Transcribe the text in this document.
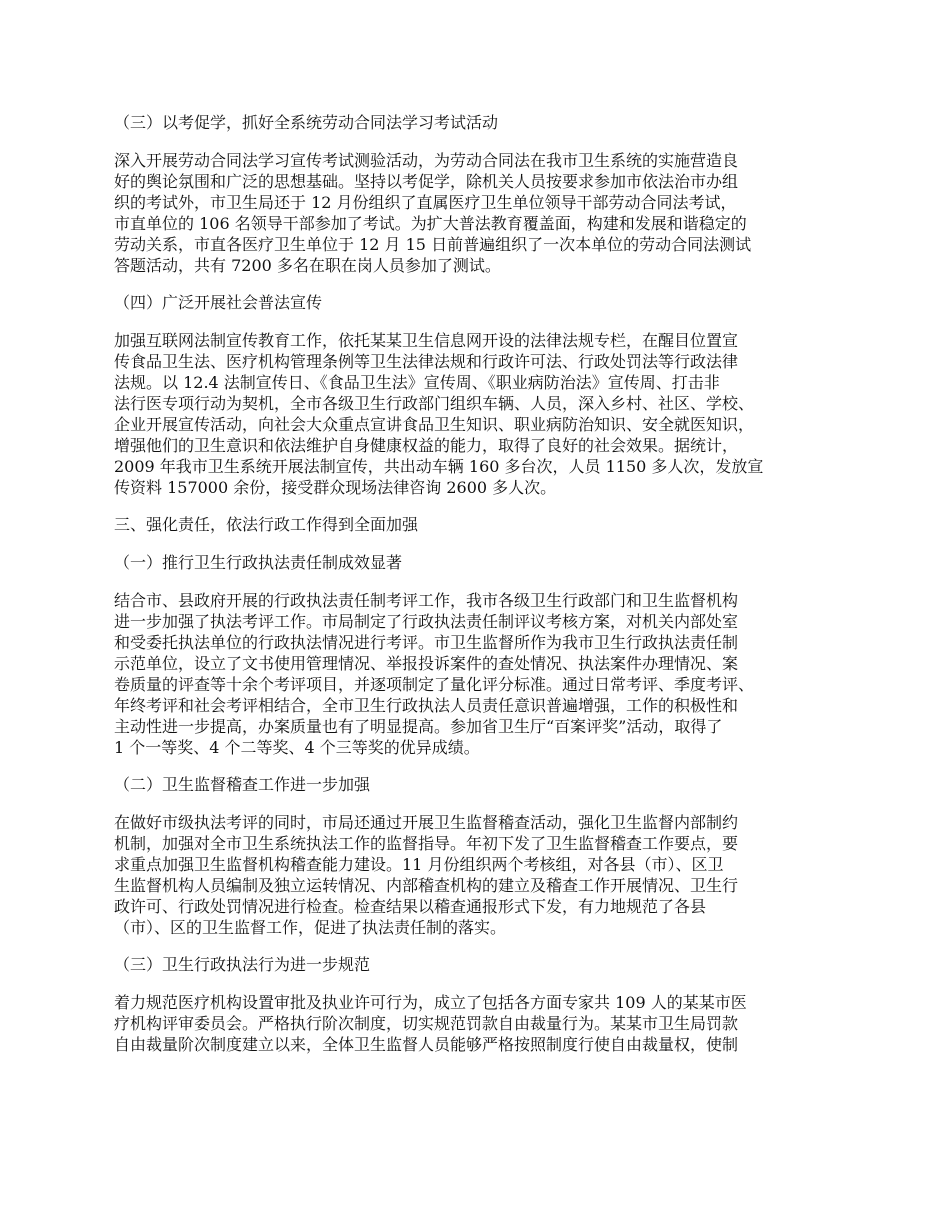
（三）以考促学，抓好全系统劳动合同法学习考试活动
深入开展劳动合同法学习宣传考试测验活动，为劳动合同法在我市卫生系统的实施营造良
好的舆论氛围和广泛的思想基础。坚持以考促学，除机关人员按要求参加市依法治市办组
织的考试外，市卫生局还于 12 月份组织了直属医疗卫生单位领导干部劳动合同法考试，
市直单位的 106 名领导干部参加了考试。为扩大普法教育覆盖面，构建和发展和谐稳定的
劳动关系，市直各医疗卫生单位于 12 月 15 日前普遍组织了一次本单位的劳动合同法测试
答题活动，共有 7200 多名在职在岗人员参加了测试。
（四）广泛开展社会普法宣传
加强互联网法制宣传教育工作，依托某某卫生信息网开设的法律法规专栏，在醒目位置宣
传食品卫生法、医疗机构管理条例等卫生法律法规和行政许可法、行政处罚法等行政法律
法规。以 12.4 法制宣传日、《食品卫生法》宣传周、《职业病防治法》宣传周、打击非
法行医专项行动为契机，全市各级卫生行政部门组织车辆、人员，深入乡村、社区、学校、
企业开展宣传活动，向社会大众重点宣讲食品卫生知识、职业病防治知识、安全就医知识，
增强他们的卫生意识和依法维护自身健康权益的能力，取得了良好的社会效果。据统计，
2009 年我市卫生系统开展法制宣传，共出动车辆 160 多台次，人员 1150 多人次，发放宣
传资料 157000 余份，接受群众现场法律咨询 2600 多人次。
三、强化责任，依法行政工作得到全面加强
（一）推行卫生行政执法责任制成效显著
结合市、县政府开展的行政执法责任制考评工作，我市各级卫生行政部门和卫生监督机构
进一步加强了执法考评工作。市局制定了行政执法责任制评议考核方案，对机关内部处室
和受委托执法单位的行政执法情况进行考评。市卫生监督所作为我市卫生行政执法责任制
示范单位，设立了文书使用管理情况、举报投诉案件的查处情况、执法案件办理情况、案
卷质量的评查等十余个考评项目，并逐项制定了量化评分标准。通过日常考评、季度考评、
年终考评和社会考评相结合，全市卫生行政执法人员责任意识普遍增强，工作的积极性和
主动性进一步提高，办案质量也有了明显提高。参加省卫生厅“百案评奖”活动，取得了
1 个一等奖、4 个二等奖、4 个三等奖的优异成绩。
（二）卫生监督稽查工作进一步加强
在做好市级执法考评的同时，市局还通过开展卫生监督稽查活动，强化卫生监督内部制约
机制，加强对全市卫生系统执法工作的监督指导。年初下发了卫生监督稽查工作要点，要
求重点加强卫生监督机构稽查能力建设。11 月份组织两个考核组，对各县（市）、区卫
生监督机构人员编制及独立运转情况、内部稽查机构的建立及稽查工作开展情况、卫生行
政许可、行政处罚情况进行检查。检查结果以稽查通报形式下发，有力地规范了各县
（市）、区的卫生监督工作，促进了执法责任制的落实。
（三）卫生行政执法行为进一步规范
着力规范医疗机构设置审批及执业许可行为，成立了包括各方面专家共 109 人的某某市医
疗机构评审委员会。严格执行阶次制度，切实规范罚款自由裁量行为。某某市卫生局罚款
自由裁量阶次制度建立以来，全体卫生监督人员能够严格按照制度行使自由裁量权，使制
